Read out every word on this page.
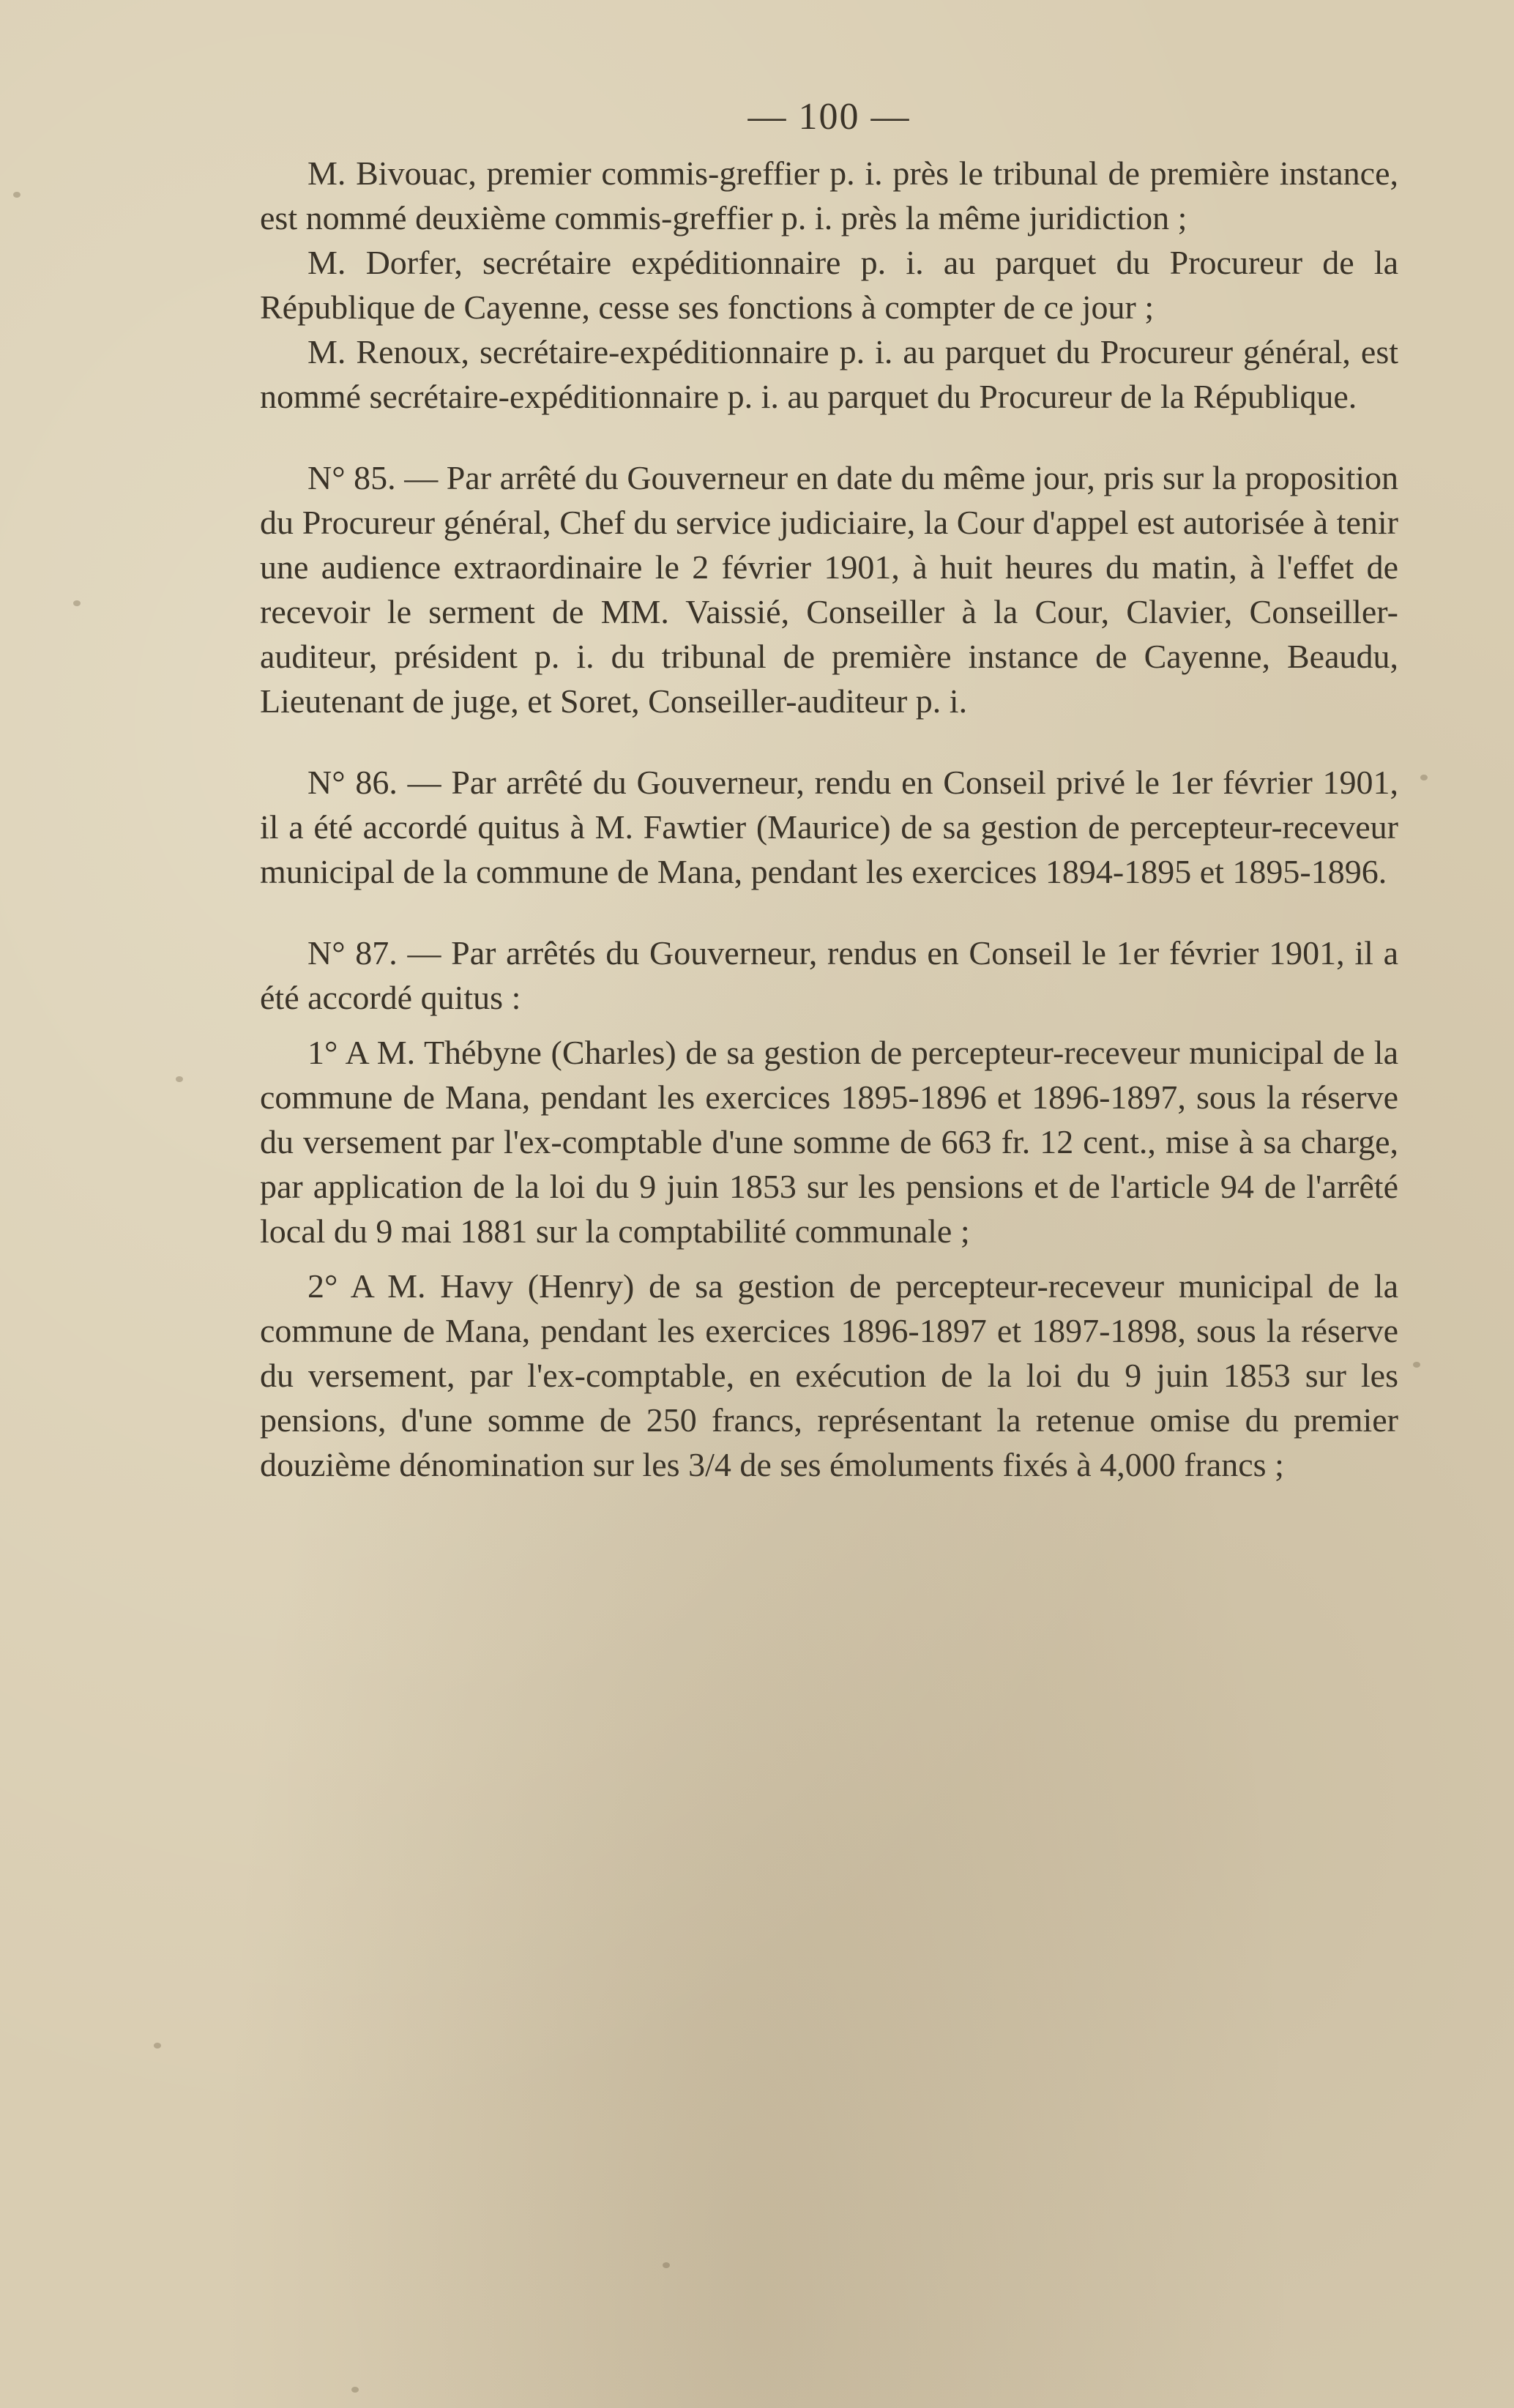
— 100 —

M. Bivouac, premier commis-greffier p. i. près le tribunal de première instance, est nommé deuxième commis-greffier p. i. près la même juridiction ;

M. Dorfer, secrétaire expéditionnaire p. i. au parquet du Procureur de la République de Cayenne, cesse ses fonctions à compter de ce jour ;

M. Renoux, secrétaire-expéditionnaire p. i. au parquet du Procureur général, est nommé secrétaire-expéditionnaire p. i. au parquet du Procureur de la République.

N° 85. — Par arrêté du Gouverneur en date du même jour, pris sur la proposition du Procureur général, Chef du service judiciaire, la Cour d'appel est autorisée à tenir une audience extraordinaire le 2 février 1901, à huit heures du matin, à l'effet de recevoir le serment de MM. Vaissié, Conseiller à la Cour, Clavier, Conseiller-auditeur, président p. i. du tribunal de première instance de Cayenne, Beaudu, Lieutenant de juge, et Soret, Conseiller-auditeur p. i.

N° 86. — Par arrêté du Gouverneur, rendu en Conseil privé le 1er février 1901, il a été accordé quitus à M. Fawtier (Maurice) de sa gestion de percepteur-receveur municipal de la commune de Mana, pendant les exercices 1894-1895 et 1895-1896.

N° 87. — Par arrêtés du Gouverneur, rendus en Conseil le 1er février 1901, il a été accordé quitus :

1° A M. Thébyne (Charles) de sa gestion de percepteur-receveur municipal de la commune de Mana, pendant les exercices 1895-1896 et 1896-1897, sous la réserve du versement par l'ex-comptable d'une somme de 663 fr. 12 cent., mise à sa charge, par application de la loi du 9 juin 1853 sur les pensions et de l'article 94 de l'arrêté local du 9 mai 1881 sur la comptabilité communale ;

2° A M. Havy (Henry) de sa gestion de percepteur-receveur municipal de la commune de Mana, pendant les exercices 1896-1897 et 1897-1898, sous la réserve du versement, par l'ex-comptable, en exécution de la loi du 9 juin 1853 sur les pensions, d'une somme de 250 francs, représentant la retenue omise du premier douzième dénomination sur les 3/4 de ses émoluments fixés à 4,000 francs ;
